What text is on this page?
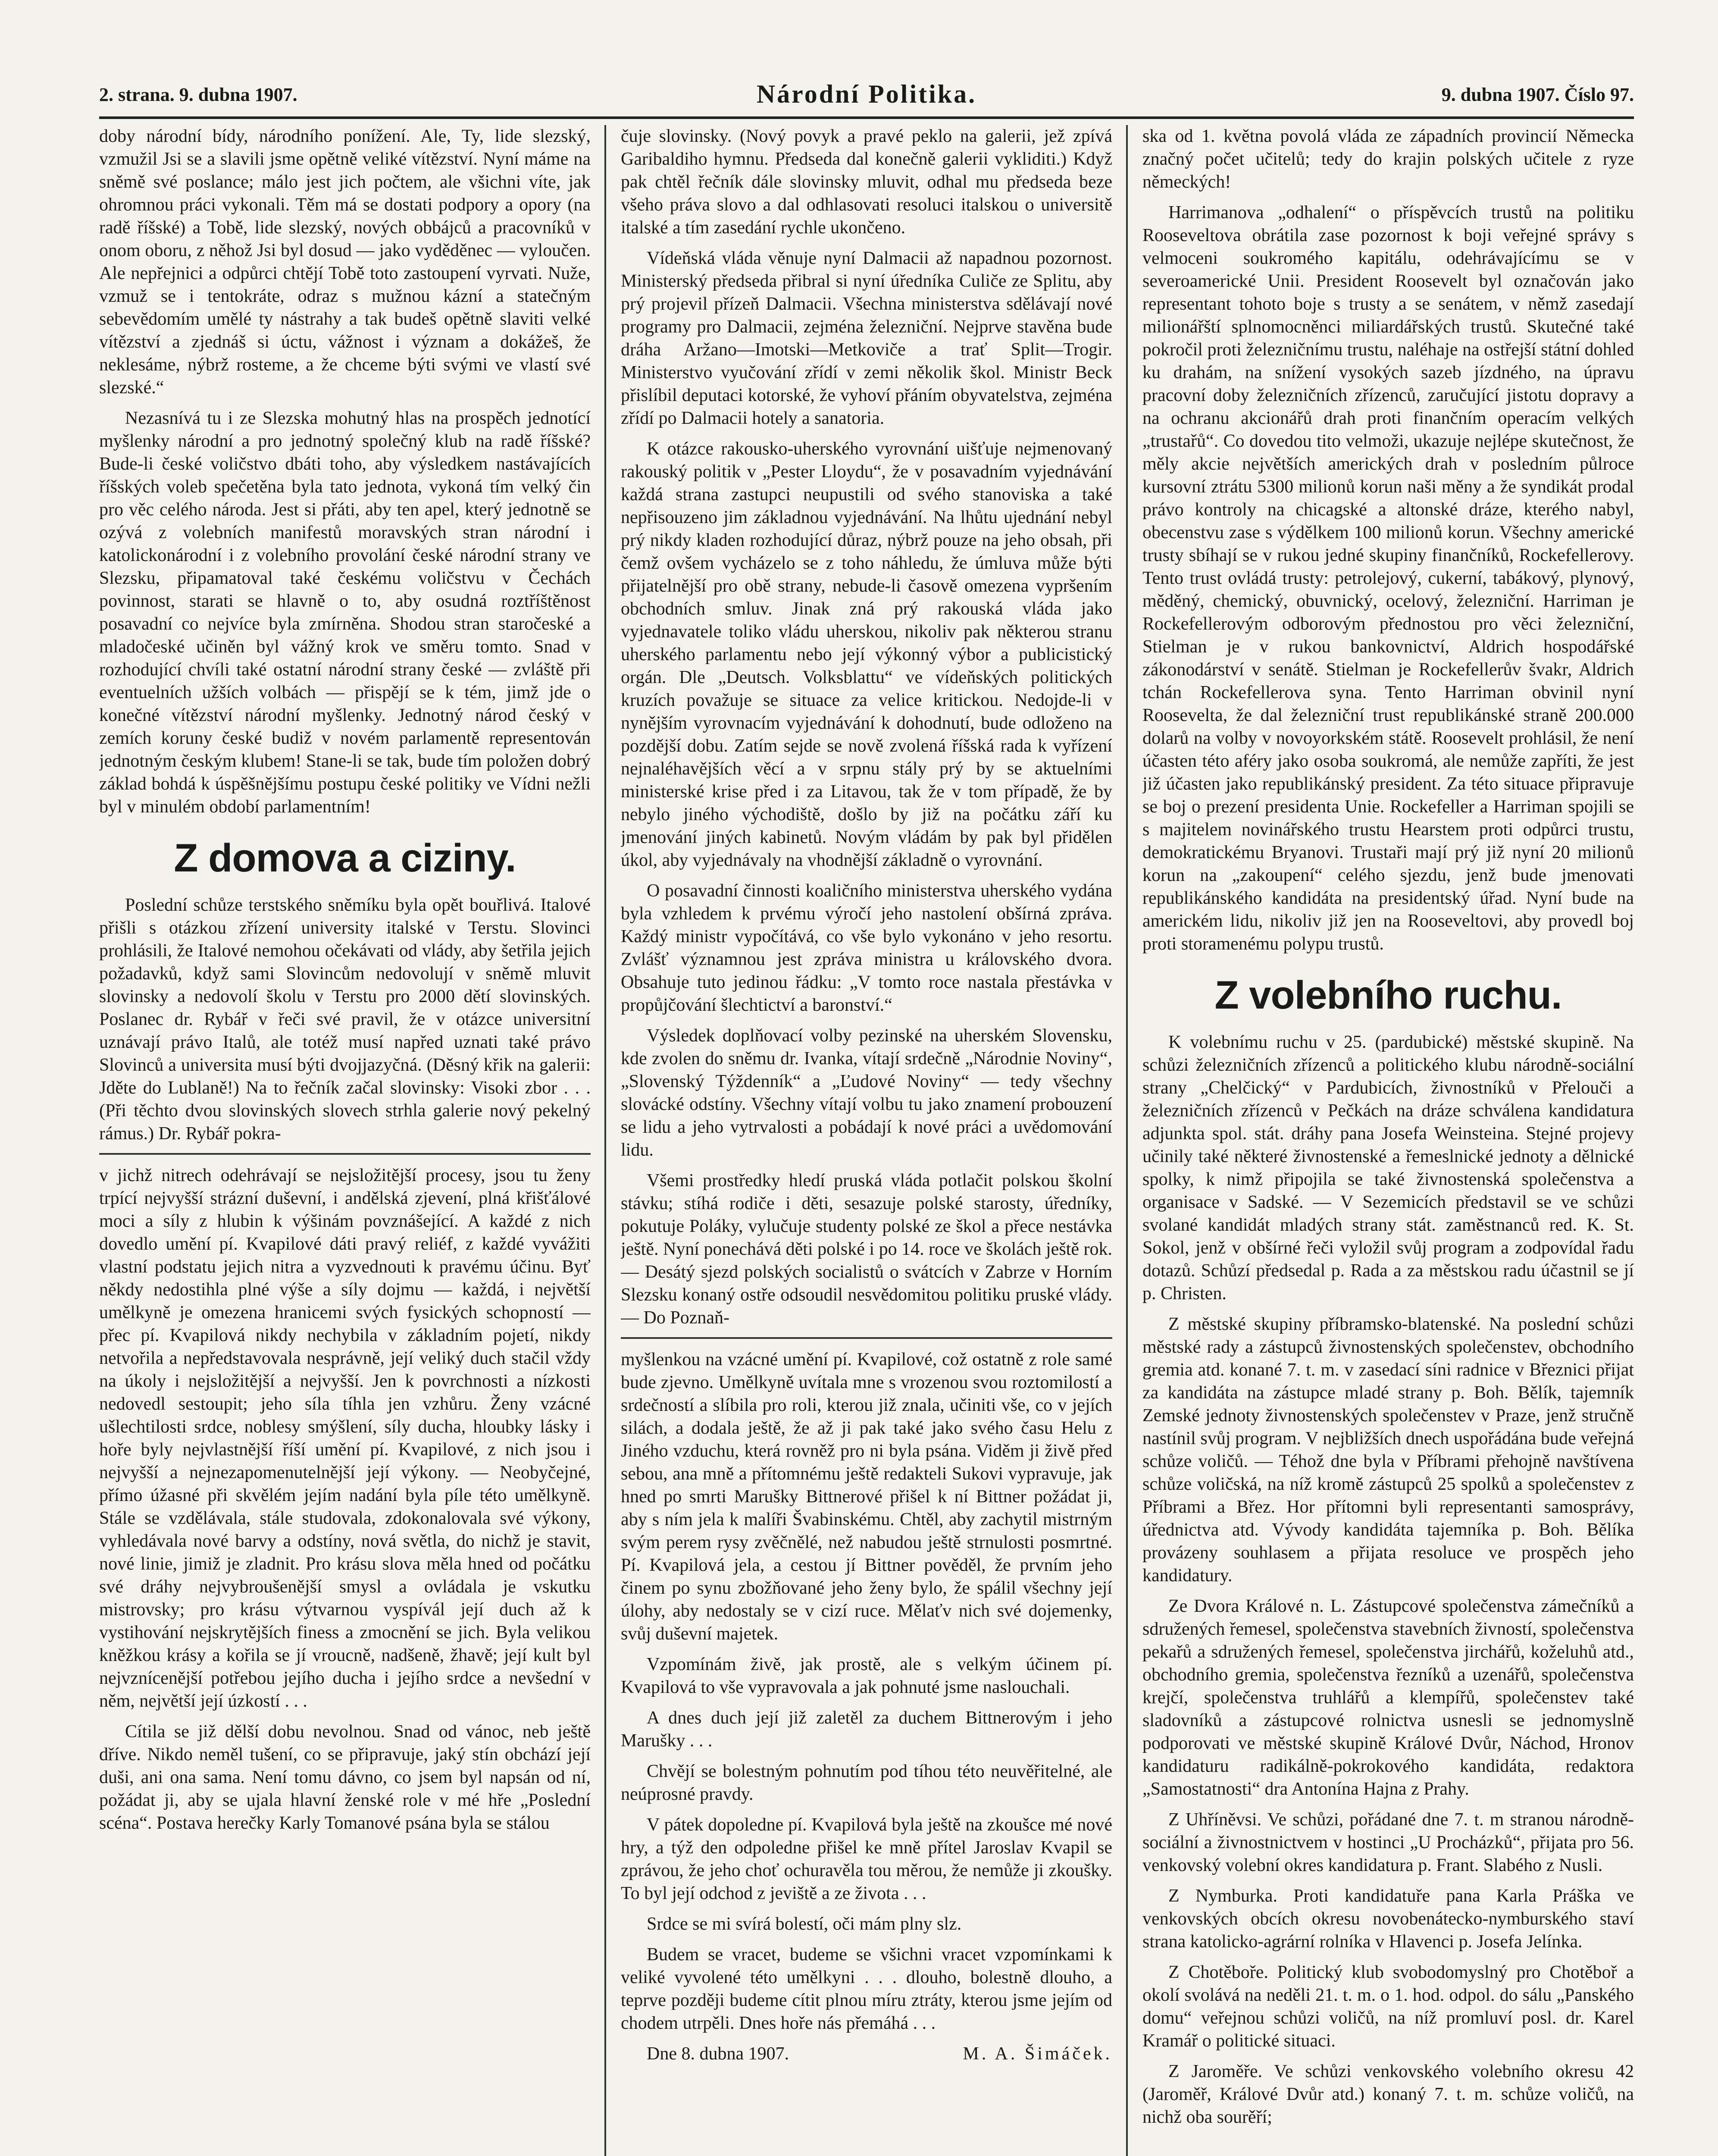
2. strana. 9. dubna 1907.	Národní Politika.	9. dubna 1907. Číslo 97.

doby národní bídy, národního ponížení. Ale, Ty, lide slezský, vzmužil Jsi se a slavili jsme opětně veliké vítězství. Nyní máme na sněmě své poslance; málo jest jich počtem, ale všichni víte, jak ohromnou práci vykonali. Těm má se dostati podpory a opory (na radě říšské) a Tobě, lide slezský, nových obbájců a pracovníků v onom oboru, z něhož Jsi byl dosud — jako vyděděnec — vyloučen. Ale nepřejnici a odpůrci chtějí Tobě toto zastoupení vyrvati. Nuže, vzmuž se i tentokráte, odraz s mužnou kázní a statečným sebevědomím umělé ty nástrahy a tak budeš opětně slaviti velké vítězství a zjednáš si úctu, vážnost i význam a dokážeš, že neklesáme, nýbrž rosteme, a že chceme býti svými ve vlastí své slezské.“

Nezasnívá tu i ze Slezska mohutný hlas na prospěch jednotící myšlenky národní a pro jednotný společný klub na radě říšské? Bude-li české voličstvo dbáti toho, aby výsledkem nastávajících říšských voleb spečetěna byla tato jednota, vykoná tím velký čin pro věc celého národa. Jest si přáti, aby ten apel, který jednotně se ozývá z volebních manifestů moravských stran národní i katolickonárodní i z volebního provolání české národní strany ve Slezsku, připamatoval také českému voličstvu v Čechách povinnost, starati se hlavně o to, aby osudná roztříštěnost posavadní co nejvíce byla zmírněna. Shodou stran staročeské a mladočeské učiněn byl vážný krok ve směru tomto. Snad v rozhodující chvíli také ostatní národní strany české — zvláště při eventuelních užších volbách — přispějí se k tém, jimž jde o konečné vítězství národní myšlenky. Jednotný národ český v zemích koruny české budiž v novém parlamentě representován jednotným českým klubem! Stane-li se tak, bude tím položen dobrý základ bohdá k úspěšnějšímu postupu české politiky ve Vídni nežli byl v minulém období parlamentním!

Z domova a ciziny.

Poslední schůze terstského sněmíku byla opět bouřlivá. Italové přišli s otázkou zřízení university italské v Terstu. Slovinci prohlásili, že Italové nemohou očekávati od vlády, aby šetřila jejich požadavků, když sami Slovincům nedovolují v sněmě mluvit slovinsky a nedovolí školu v Terstu pro 2000 dětí slovinských. Poslanec dr. Rybář v řeči své pravil, že v otázce universitní uznávají právo Italů, ale totéž musí napřed uznati také právo Slovinců a universita musí býti dvojjazyčná. (Děsný křik na galerii: Jděte do Lublaně!) Na to řečník začal slovinsky: Visoki zbor . . . (Při těchto dvou slovinských slovech strhla galerie nový pekelný rámus.) Dr. Rybář pokra-

v jichž nitrech odehrávají se nejsložitější procesy, jsou tu ženy trpící nejvyšší strázní duševní, i andělská zjevení, plná křišťálové moci a síly z hlubin k výšinám povznášející. A každé z nich dovedlo umění pí. Kvapilové dáti pravý reliéf, z každé vyvážiti vlastní podstatu jejich nitra a vyzvednouti k pravému účinu. Byť někdy nedostihla plné výše a síly dojmu — každá, i největší umělkyně je omezena hranicemi svých fysických schopností — přec pí. Kvapilová nikdy nechybila v základním pojetí, nikdy netvořila a nepředstavovala nesprávně, její veliký duch stačil vždy na úkoly i nejsložitější a nejvyšší. Jen k povrchnosti a nízkosti nedovedl sestoupit; jeho síla tíhla jen vzhůru. Ženy vzácné ušlechtilosti srdce, noblesy smýšlení, síly ducha, hloubky lásky i hoře byly nejvlastnější říší umění pí. Kvapilové, z nich jsou i nejvyšší a nejnezapomenutelnější její výkony. — Neobyčejné, přímo úžasné při skvělém jejím nadání byla píle této umělkyně. Stále se vzdělávala, stále studovala, zdokonalovala své výkony, vyhledávala nové barvy a odstíny, nová světla, do nichž je stavit, nové linie, jimiž je zladnit. Pro krásu slova měla hned od počátku své dráhy nejvybroušenější smysl a ovládala je vskutku mistrovsky; pro krásu výtvarnou vyspívál její duch až k vystihování nejskrytějších finess a zmocnění se jich. Byla velikou kněžkou krásy a kořila se jí vroucně, nadšeně, žhavě; její kult byl nejvznícenější potřebou jejího ducha i jejího srdce a nevšední v něm, největší její úzkostí . . .

Cítila se již dělší dobu nevolnou. Snad od vánoc, neb ještě dříve. Nikdo neměl tušení, co se připravuje, jaký stín obchází její duši, ani ona sama. Není tomu dávno, co jsem byl napsán od ní, požádat ji, aby se ujala hlavní ženské role v mé hře „Poslední scéna“. Postava herečky Karly Tomanové psána byla se stálou

čuje slovinsky. (Nový povyk a pravé peklo na galerii, jež zpívá Garibaldiho hymnu. Předseda dal konečně galerii vykliditi.) Když pak chtěl řečník dále slovinsky mluvit, odhal mu předseda beze všeho práva slovo a dal odhlasovati resoluci italskou o universitě italské a tím zasedání rychle ukončeno.

Vídeňská vláda věnuje nyní Dalmacii až napadnou pozornost. Ministerský předseda přibral si nyní úředníka Culiče ze Splitu, aby prý projevil přízeň Dalmacii. Všechna ministerstva sdělávají nové programy pro Dalmacii, zejména železniční. Nejprve stavěna bude dráha Aržano—Imotski—Metkoviče a trať Split—Trogir. Ministerstvo vyučování zřídí v zemi několik škol. Ministr Beck přislíbil deputaci kotorské, že vyhoví přáním obyvatelstva, zejména zřídí po Dalmacii hotely a sanatoria.

K otázce rakousko-uherského vyrovnání uišťuje nejmenovaný rakouský politik v „Pester Lloydu“, že v posavadním vyjednávání každá strana zastupci neupustili od svého stanoviska a také nepřisouzeno jim základnou vyjednávání. Na lhůtu ujednání nebyl prý nikdy kladen rozhodující důraz, nýbrž pouze na jeho obsah, při čemž ovšem vycházelo se z toho náhledu, že úmluva může býti přijatelnější pro obě strany, nebude-li časově omezena vypršením obchodních smluv. Jinak zná prý rakouská vláda jako vyjednavatele toliko vládu uherskou, nikoliv pak některou stranu uherského parlamentu nebo její výkonný výbor a publicistický orgán. Dle „Deutsch. Volksblattu“ ve vídeňských politických kruzích považuje se situace za velice kritickou. Nedojde-li v nynějším vyrovnacím vyjednávání k dohodnutí, bude odloženo na pozdější dobu. Zatím sejde se nově zvolená říšská rada k vyřízení nejnaléhavějších věcí a v srpnu stály prý by se aktuelními ministerské krise před i za Litavou, tak že v tom případě, že by nebylo jiného východiště, došlo by již na počátku září ku jmenování jiných kabinetů. Novým vládám by pak byl přidělen úkol, aby vyjednávaly na vhodnější základně o vyrovnání.

O posavadní činnosti koaličního ministerstva uherského vydána byla vzhledem k prvému výročí jeho nastolení obšírná zpráva. Každý ministr vypočítává, co vše bylo vykonáno v jeho resortu. Zvlášť významnou jest zpráva ministra u královského dvora. Obsahuje tuto jedinou řádku: „V tomto roce nastala přestávka v propůjčování šlechtictví a baronství.“

Výsledek doplňovací volby pezinské na uherském Slovensku, kde zvolen do sněmu dr. Ivanka, vítají srdečně „Národnie Noviny“, „Slovenský Týždenník“ a „Ľudové Noviny“ — tedy všechny slovácké odstíny. Všechny vítají volbu tu jako znamení probouzení se lidu a jeho vytrvalosti a pobádají k nové práci a uvědomování lidu.

Všemi prostředky hledí pruská vláda potlačit polskou školní stávku; stíhá rodiče i děti, sesazuje polské starosty, úředníky, pokutuje Poláky, vylučuje studenty polské ze škol a přece nestávka ještě. Nyní ponechává děti polské i po 14. roce ve školách ještě rok. — Desátý sjezd polských socialistů o svátcích v Zabrze v Horním Slezsku konaný ostře odsoudil nesvědomitou politiku pruské vlády. — Do Poznaň-

myšlenkou na vzácné umění pí. Kvapilové, což ostatně z role samé bude zjevno. Umělkyně uvítala mne s vrozenou svou roztomilostí a srdečností a slíbila pro roli, kterou již znala, učiniti vše, co v jejích silách, a dodala ještě, že až ji pak také jako svého času Helu z Jiného vzduchu, která rovněž pro ni byla psána. Viděm ji živě před sebou, ana mně a přítomnému ještě redakteli Sukovi vypravuje, jak hned po smrti Marušky Bittnerové přišel k ní Bittner požádat ji, aby s ním jela k malíři Švabinskému. Chtěl, aby zachytil mistrným svým perem rysy zvěčnělé, než nabudou ještě strnulosti posmrtné. Pí. Kvapilová jela, a cestou jí Bittner pověděl, že prvním jeho činem po synu zbožňované jeho ženy bylo, že spálil všechny její úlohy, aby nedostaly se v cizí ruce. Mělaťv nich své dojemenky, svůj duševní majetek.

Vzpomínám živě, jak prostě, ale s velkým účinem pí. Kvapilová to vše vypravovala a jak pohnuté jsme naslouchali.

A dnes duch její již zaletěl za duchem Bittnerovým i jeho Marušky . . .

Chvějí se bolestným pohnutím pod tíhou této neuvěřitelné, ale neúprosné pravdy.

V pátek dopoledne pí. Kvapilová byla ještě na zkoušce mé nové hry, a týž den odpoledne přišel ke mně přítel Jaroslav Kvapil se zprávou, že jeho choť ochuravěla tou měrou, že nemůže ji zkoušky. To byl její odchod z jeviště a ze života . . .

Srdce se mi svírá bolestí, oči mám plny slz.

Budem se vracet, budeme se všichni vracet vzpomínkami k veliké vyvolené této umělkyni . . . dlouho, bolestně dlouho, a teprve později budeme cítit plnou míru ztráty, kterou jsme jejím od chodem utrpěli. Dnes hoře nás přemáhá . . .

Dne 8. dubna 1907.	M. A. Šimáček.

ska od 1. května povolá vláda ze západních provincií Německa značný počet učitelů; tedy do krajin polských učitele z ryze německých!

Harrimanova „odhalení“ o příspěvcích trustů na politiku Rooseveltova obrátila zase pozornost k boji veřejné správy s velmoceni soukromého kapitálu, odehrávajícímu se v severoamerické Unii. President Roosevelt byl označován jako representant tohoto boje s trusty a se senátem, v němž zasedají milionářští splnomocněnci miliardářských trustů. Skutečné také pokročil proti železničnímu trustu, naléhaje na ostřejší státní dohled ku drahám, na snížení vysokých sazeb jízdného, na úpravu pracovní doby železničních zřízenců, zaručující jistotu dopravy a na ochranu akcionářů drah proti finančním operacím velkých „trustařů“. Co dovedou tito velmoži, ukazuje nejlépe skutečnost, že měly akcie největších amerických drah v posledním půlroce kursovní ztrátu 5300 milionů korun naši měny a že syndikát prodal právo kontroly na chicagské a altonské dráze, kterého nabyl, obecenstvu zase s výdělkem 100 milionů korun. Všechny americké trusty sbíhají se v rukou jedné skupiny finančníků, Rockefellerovy. Tento trust ovládá trusty: petrolejový, cukerní, tabákový, plynový, měděný, chemický, obuvnický, ocelový, železniční. Harriman je Rockefellerovým odborovým přednostou pro věci železniční, Stielman je v rukou bankovnictví, Aldrich hospodářské zákonodárství v senátě. Stielman je Rockefellerův švakr, Aldrich tchán Rockefellerova syna. Tento Harriman obvinil nyní Roosevelta, že dal železniční trust republikánské straně 200.000 dolarů na volby v novoyorkském státě. Roosevelt prohlásil, že není účasten této aféry jako osoba soukromá, ale nemůže zapříti, že jest již účasten jako republikánský president. Za této situace připravuje se boj o prezení presidenta Unie. Rockefeller a Harriman spojili se s majitelem novinářského trustu Hearstem proti odpůrci trustu, demokratickému Bryanovi. Trustaři mají prý již nyní 20 milionů korun na „zakoupení“ celého sjezdu, jenž bude jmenovati republikánského kandidáta na presidentský úřad. Nyní bude na americkém lidu, nikoliv již jen na Rooseveltovi, aby provedl boj proti storamenému polypu trustů.

Z volebního ruchu.

K volebnímu ruchu v 25. (pardubické) městské skupině. Na schůzi železničních zřízenců a politického klubu národně-sociální strany „Chelčický“ v Pardubicích, živnostníků v Přelouči a železničních zřízenců v Pečkách na dráze schválena kandidatura adjunkta spol. stát. dráhy pana Josefa Weinsteina. Stejné projevy učinily také některé živnostenské a řemeslnické jednoty a dělnické spolky, k nimž připojila se také živnostenská společenstva a organisace v Sadské. — V Sezemicích představil se ve schůzi svolané kandidát mladých strany stát. zaměstnanců red. K. St. Sokol, jenž v obšírné řeči vyložil svůj program a zodpovídal řadu dotazů. Schůzí předsedal p. Rada a za městskou radu účastnil se jí p. Christen.

Z městské skupiny příbramsko-blatenské. Na poslední schůzi městské rady a zástupců živnostenských společenstev, obchodního gremia atd. konané 7. t. m. v zasedací síni radnice v Březnici přijat za kandidáta na zástupce mladé strany p. Boh. Bělík, tajemník Zemské jednoty živnostenských společenstev v Praze, jenž stručně nastínil svůj program. V nejbližších dnech uspořádána bude veřejná schůze voličů. — Téhož dne byla v Příbrami přehojně navštívena schůze voličská, na níž kromě zástupců 25 spolků a společenstev z Příbrami a Břez. Hor přítomni byli representanti samosprávy, úřednictva atd. Vývody kandidáta tajemníka p. Boh. Bělíka provázeny souhlasem a přijata resoluce ve prospěch jeho kandidatury.

Ze Dvora Králové n. L. Zástupcové společenstva zámečníků a sdružených řemesel, společenstva stavebních živností, společenstva pekařů a sdružených řemesel, společenstva jirchářů, koželuhů atd., obchodního gremia, společenstva řezníků a uzenářů, společenstva krejčí, společenstva truhlářů a klempířů, společenstev také sladovníků a zástupcové rolnictva usnesli se jednomyslně podporovati ve městské skupině Králové Dvůr, Náchod, Hronov kandidaturu radikálně-pokrokového kandidáta, redaktora „Samostatnosti“ dra Antonína Hajna z Prahy.

Z Uhříněvsi. Ve schůzi, pořádané dne 7. t. m stranou národně-sociální a živnostnictvem v hostinci „U Procházků“, přijata pro 56. venkovský volební okres kandidatura p. Frant. Slabého z Nusli.

Z Nymburka. Proti kandidatuře pana Karla Práška ve venkovských obcích okresu novobenátecko-nymburského staví strana katolicko-agrární rolníka v Hlavenci p. Josefa Jelínka.

Z Chotěboře. Politický klub svobodomyslný pro Chotěboř a okolí svolává na neděli 21. t. m. o 1. hod. odpol. do sálu „Panského domu“ veřejnou schůzi voličů, na níž promluví posl. dr. Karel Kramář o politické situaci.

Z Jaroměře. Ve schůzi venkovského volebního okresu 42 (Jaroměř, Králové Dvůr atd.) konaný 7. t. m. schůze voličů, na nichž oba sourěří;
